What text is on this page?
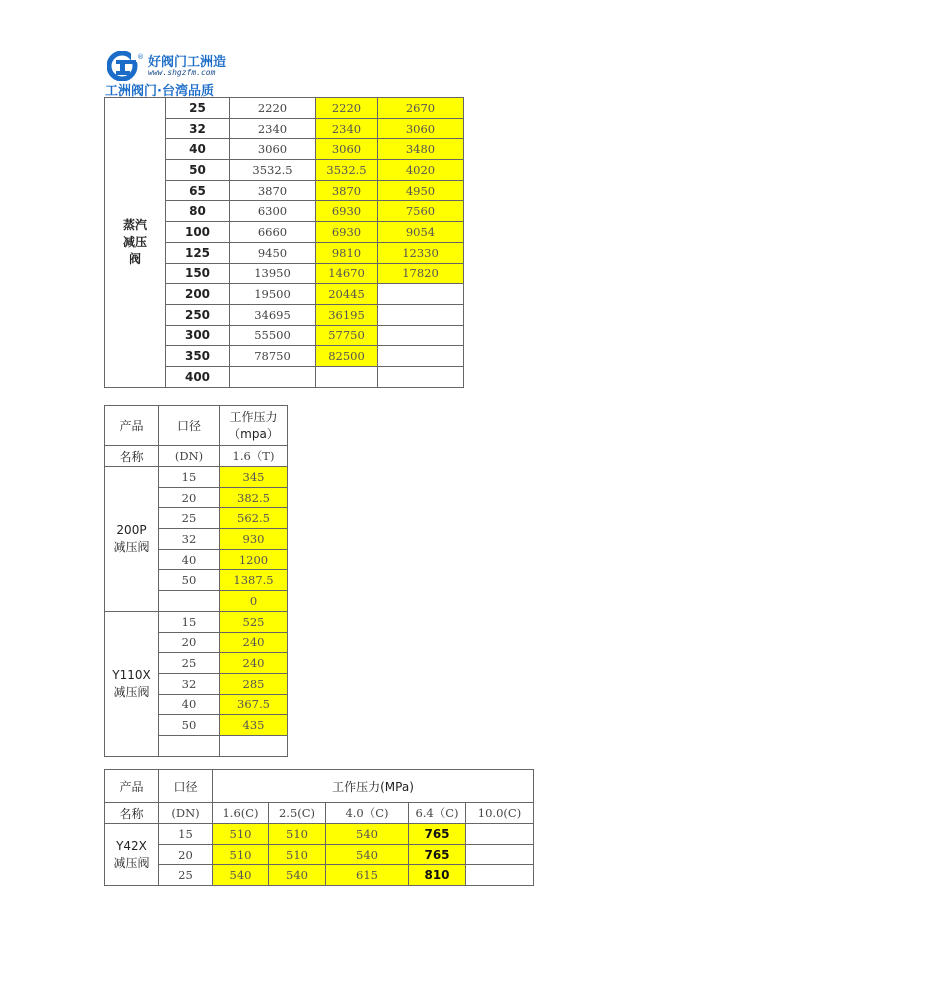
® 好阀门工洲造
www.shgzfm.com
工洲阀门·台湾品质
蒸汽减压阀	25	2220	2220	2670
	32	2340	2340	3060
	40	3060	3060	3480
	50	3532.5	3532.5	4020
	65	3870	3870	4950
	80	6300	6930	7560
	100	6660	6930	9054
	125	9450	9810	12330
	150	13950	14670	17820
	200	19500	20445	
	250	34695	36195	
	300	55500	57750	
	350	78750	82500	
	400			
产品	口径	工作压力（mpa）
名称	(DN)	1.6（T)
200P减压阀	15	345
	20	382.5
	25	562.5
	32	930
	40	1200
	50	1387.5
		0
Y110X减压阀	15	525
	20	240
	25	240
	32	285
	40	367.5
	50	435

产品	口径	工作压力(MPa)				
名称	(DN)	1.6(C)	2.5(C)	4.0（C)	6.4（C)	10.0(C)
Y42X减压阀	15	510	510	540	765	
	20	510	510	540	765	
	25	540	540	615	810	
